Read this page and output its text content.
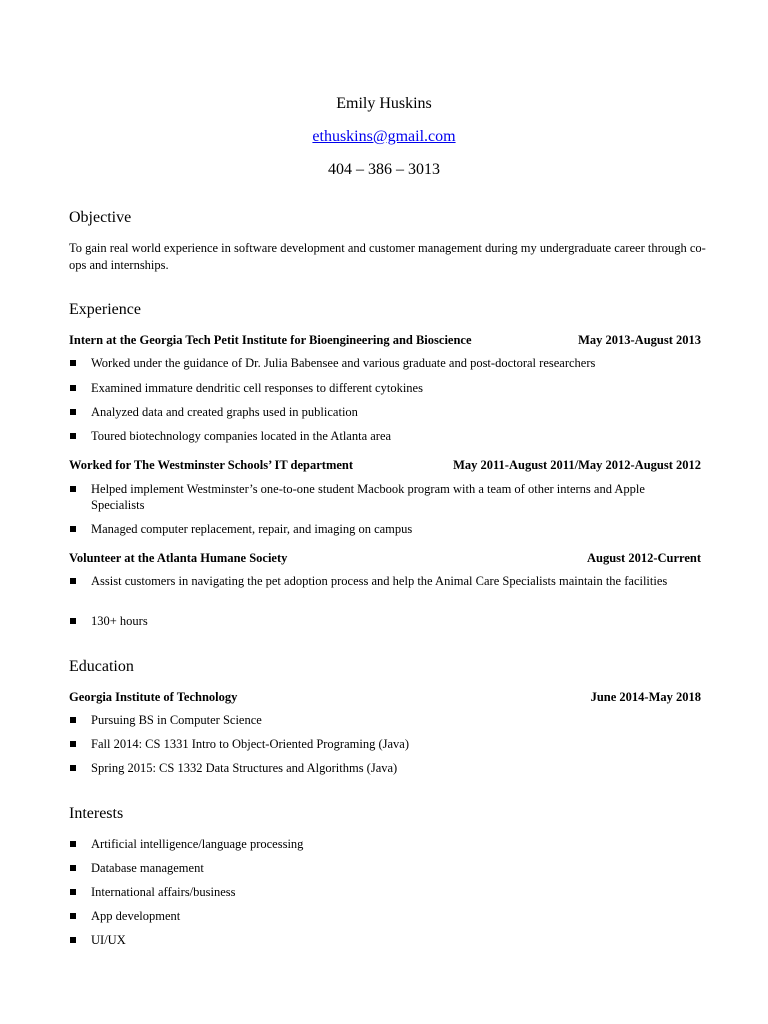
Emily Huskins
ethuskins@gmail.com
404 – 386 – 3013
Objective
To gain real world experience in software development and customer management during my undergraduate career through co-ops and internships.
Experience
Intern at the Georgia Tech Petit Institute for Bioengineering and Bioscience	May 2013-August 2013
Worked under the guidance of Dr. Julia Babensee and various graduate and post-doctoral researchers
Examined immature dendritic cell responses to different cytokines
Analyzed data and created graphs used in publication
Toured biotechnology companies located in the Atlanta area
Worked for The Westminster Schools’ IT department	May 2011-August 2011/May 2012-August 2012
Helped implement Westminster’s one-to-one student Macbook program with a team of other interns and Apple Specialists
Managed computer replacement, repair, and imaging on campus
Volunteer at the Atlanta Humane Society	August 2012-Current
Assist customers in navigating the pet adoption process and help the Animal Care Specialists maintain the facilities
130+ hours
Education
Georgia Institute of Technology	June 2014-May 2018
Pursuing BS in Computer Science
Fall 2014: CS 1331 Intro to Object-Oriented Programing (Java)
Spring 2015: CS 1332 Data Structures and Algorithms (Java)
Interests
Artificial intelligence/language processing
Database management
International affairs/business
App development
UI/UX
